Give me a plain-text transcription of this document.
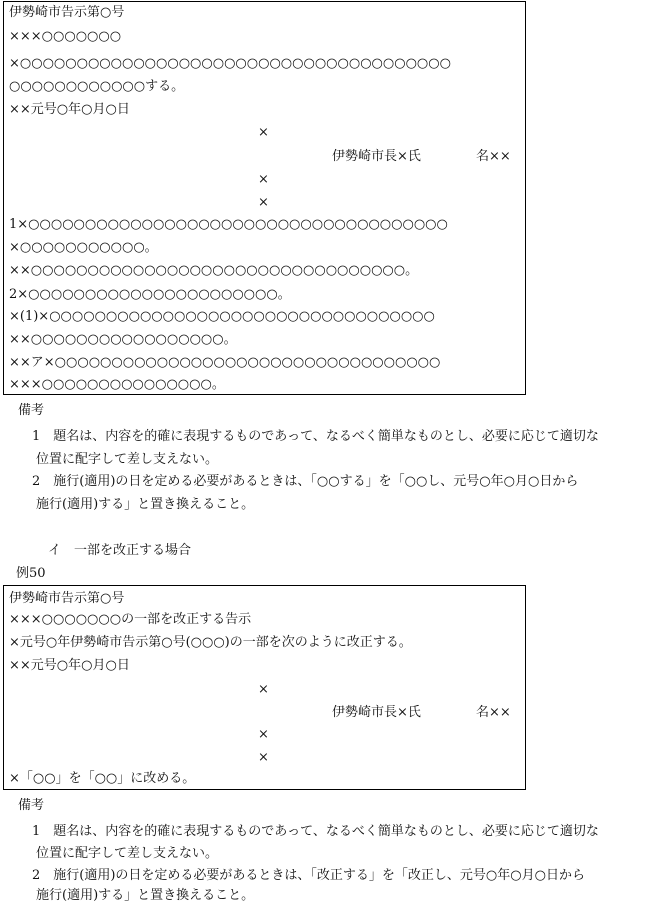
伊勢崎市告示第○号
×××○○○○○○○
×○○○○○○○○○○○○○○○○○○○○○○○○○○○○○○○○○○○○○○
○○○○○○○○○○○○する。
××元号○年○月○日
×
伊勢崎市長×氏	名××
×
×
1×○○○○○○○○○○○○○○○○○○○○○○○○○○○○○○○○○○○○○
×○○○○○○○○○○○。
××○○○○○○○○○○○○○○○○○○○○○○○○○○○○○○○○○。
2×○○○○○○○○○○○○○○○○○○○○○○。
×(1)×○○○○○○○○○○○○○○○○○○○○○○○○○○○○○○○○○○
××○○○○○○○○○○○○○○○○○。
××ア×○○○○○○○○○○○○○○○○○○○○○○○○○○○○○○○○○○
×××○○○○○○○○○○○○○○○。
備考
1　題名は、内容を的確に表現するものであって、なるべく簡単なものとし、必要に応じて適切な
位置に配字して差し支えない。
2　施行(適用)の日を定める必要があるときは、「○○する」を「○○し、元号○年○月○日から
施行(適用)する」と置き換えること。
イ　一部を改正する場合
例50
伊勢崎市告示第○号
×××○○○○○○○の一部を改正する告示
×元号○年伊勢崎市告示第○号(○○○)の一部を次のように改正する。
××元号○年○月○日
×
伊勢崎市長×氏	名××
×
×
×「○○」を「○○」に改める。
備考
1　題名は、内容を的確に表現するものであって、なるべく簡単なものとし、必要に応じて適切な
位置に配字して差し支えない。
2　施行(適用)の日を定める必要があるときは、「改正する」を「改正し、元号○年○月○日から
施行(適用)する」と置き換えること。
